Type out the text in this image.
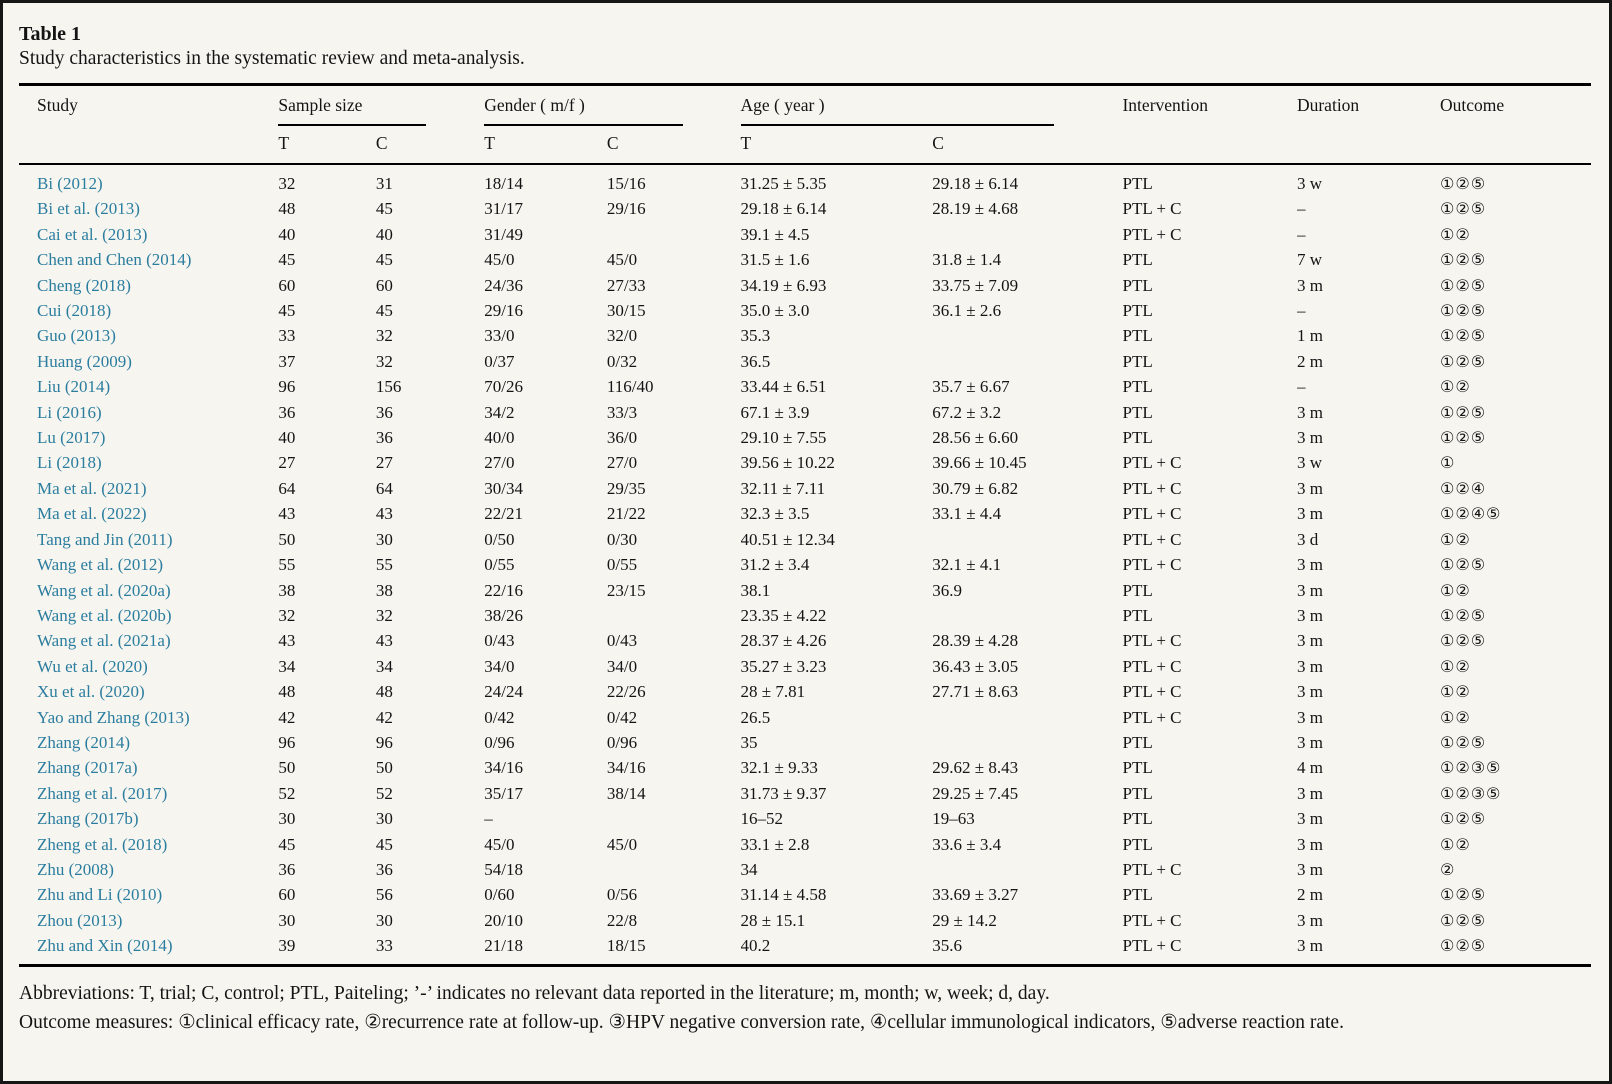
Table 1

Study characteristics in the systematic review and meta-analysis.

Study	Sample size		Gender ( m/f )		Age ( year )		Intervention	Duration	Outcome
	T	C	T	C	T	C			
Bi (2012)	32	31	18/14	15/16	31.25 ± 5.35	29.18 ± 6.14	PTL	3 w	①②⑤
Bi et al. (2013)	48	45	31/17	29/16	29.18 ± 6.14	28.19 ± 4.68	PTL + C	–	①②⑤
Cai et al. (2013)	40	40	31/49		39.1 ± 4.5		PTL + C	–	①②
Chen and Chen (2014)	45	45	45/0	45/0	31.5 ± 1.6	31.8 ± 1.4	PTL	7 w	①②⑤
Cheng (2018)	60	60	24/36	27/33	34.19 ± 6.93	33.75 ± 7.09	PTL	3 m	①②⑤
Cui (2018)	45	45	29/16	30/15	35.0 ± 3.0	36.1 ± 2.6	PTL	–	①②⑤
Guo (2013)	33	32	33/0	32/0	35.3		PTL	1 m	①②⑤
Huang (2009)	37	32	0/37	0/32	36.5		PTL	2 m	①②⑤
Liu (2014)	96	156	70/26	116/40	33.44 ± 6.51	35.7 ± 6.67	PTL	–	①②
Li (2016)	36	36	34/2	33/3	67.1 ± 3.9	67.2 ± 3.2	PTL	3 m	①②⑤
Lu (2017)	40	36	40/0	36/0	29.10 ± 7.55	28.56 ± 6.60	PTL	3 m	①②⑤
Li (2018)	27	27	27/0	27/0	39.56 ± 10.22	39.66 ± 10.45	PTL + C	3 w	①
Ma et al. (2021)	64	64	30/34	29/35	32.11 ± 7.11	30.79 ± 6.82	PTL + C	3 m	①②④
Ma et al. (2022)	43	43	22/21	21/22	32.3 ± 3.5	33.1 ± 4.4	PTL + C	3 m	①②④⑤
Tang and Jin (2011)	50	30	0/50	0/30	40.51 ± 12.34		PTL + C	3 d	①②
Wang et al. (2012)	55	55	0/55	0/55	31.2 ± 3.4	32.1 ± 4.1	PTL + C	3 m	①②⑤
Wang et al. (2020a)	38	38	22/16	23/15	38.1	36.9	PTL	3 m	①②
Wang et al. (2020b)	32	32	38/26		23.35 ± 4.22		PTL	3 m	①②⑤
Wang et al. (2021a)	43	43	0/43	0/43	28.37 ± 4.26	28.39 ± 4.28	PTL + C	3 m	①②⑤
Wu et al. (2020)	34	34	34/0	34/0	35.27 ± 3.23	36.43 ± 3.05	PTL + C	3 m	①②
Xu et al. (2020)	48	48	24/24	22/26	28 ± 7.81	27.71 ± 8.63	PTL + C	3 m	①②
Yao and Zhang (2013)	42	42	0/42	0/42	26.5		PTL + C	3 m	①②
Zhang (2014)	96	96	0/96	0/96	35		PTL	3 m	①②⑤
Zhang (2017a)	50	50	34/16	34/16	32.1 ± 9.33	29.62 ± 8.43	PTL	4 m	①②③⑤
Zhang et al. (2017)	52	52	35/17	38/14	31.73 ± 9.37	29.25 ± 7.45	PTL	3 m	①②③⑤
Zhang (2017b)	30	30	–		16–52	19–63	PTL	3 m	①②⑤
Zheng et al. (2018)	45	45	45/0	45/0	33.1 ± 2.8	33.6 ± 3.4	PTL	3 m	①②
Zhu (2008)	36	36	54/18		34		PTL + C	3 m	②
Zhu and Li (2010)	60	56	0/60	0/56	31.14 ± 4.58	33.69 ± 3.27	PTL	2 m	①②⑤
Zhou (2013)	30	30	20/10	22/8	28 ± 15.1	29 ± 14.2	PTL + C	3 m	①②⑤
Zhu and Xin (2014)	39	33	21/18	18/15	40.2	35.6	PTL + C	3 m	①②⑤

Abbreviations: T, trial; C, control; PTL, Paiteling; ’-’ indicates no relevant data reported in the literature; m, month; w, week; d, day.

Outcome measures: ①clinical efficacy rate, ②recurrence rate at follow-up. ③HPV negative conversion rate, ④cellular immunological indicators, ⑤adverse reaction rate.
